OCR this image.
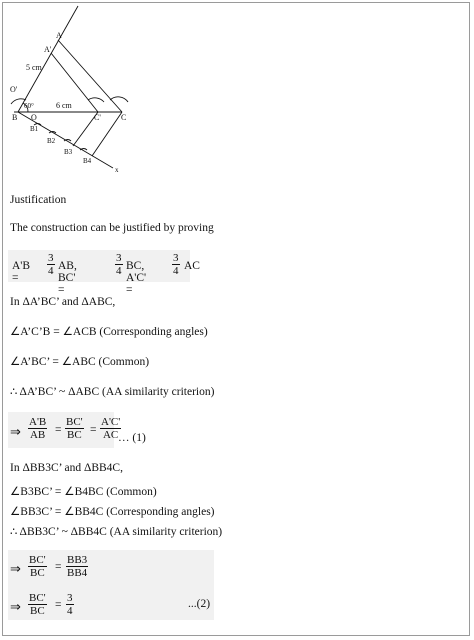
A
A'
5 cm
O'
60°	6 cm
B O	C'	C
B1
B2
B3
B4
x
Justification
The construction can be justified by proving
A'B =
3
4 AB, BC' =
3
4 BC, A'C' =
3
4 AC
In ΔA’BC’ and ΔABC,
∠A’C’B = ∠ACB (Corresponding angles)
∠A’BC’ = ∠ABC (Common)
∴ ΔA’BC’ ~ ΔABC (AA similarity criterion)
⇒
A'B
AB =
BC'
BC =
A'C'
AC … (1)
In ΔBB3C’ and ΔBB4C,
∠B3BC’ = ∠B4BC (Common)
∠BB3C’ = ∠BB4C (Corresponding angles)
∴ ΔBB3C’ ~ ΔBB4C (AA similarity criterion)
⇒
BC'
BC =
BB3
BB4
⇒
BC'
BC =
3
4
...(2)
